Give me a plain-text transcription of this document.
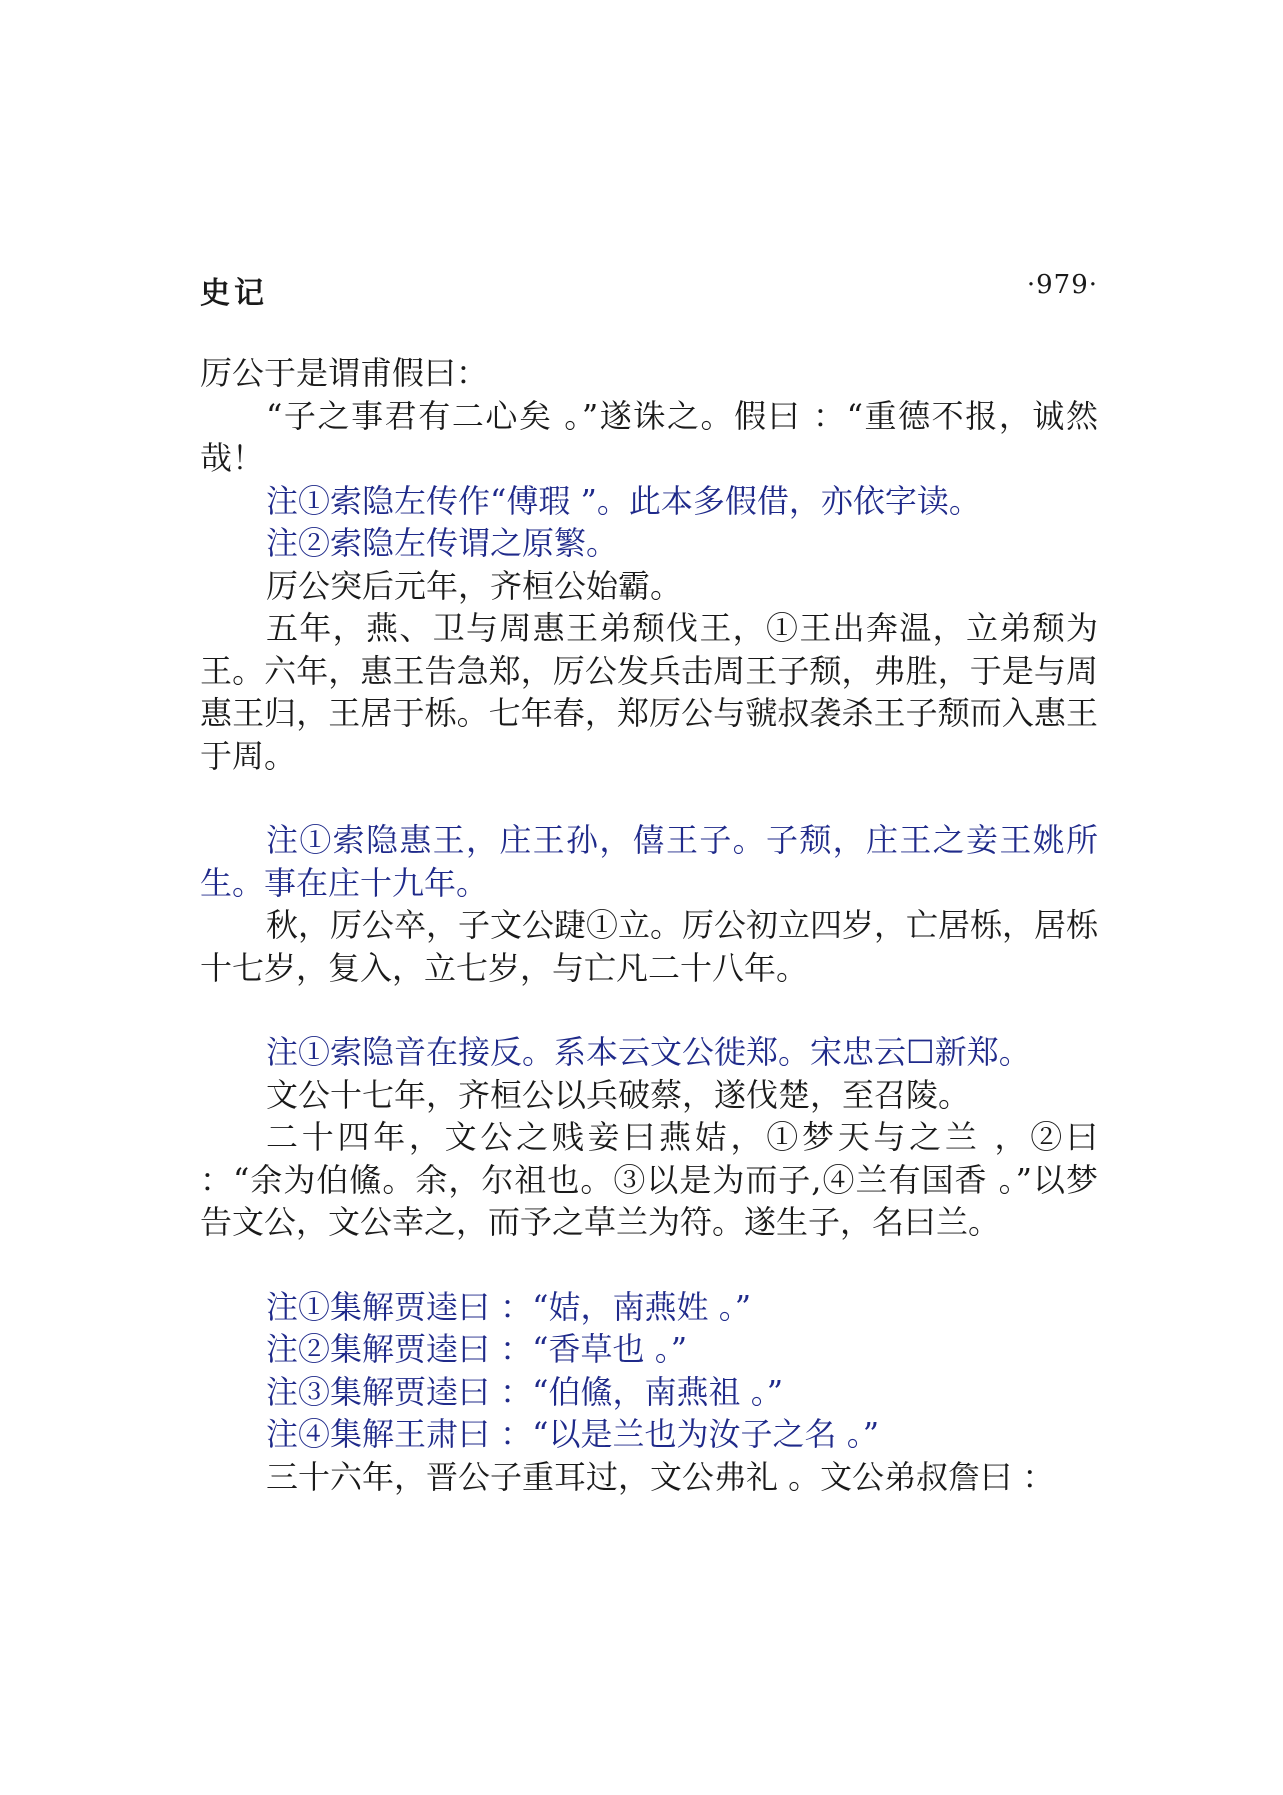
史记	·979·

厉公于是谓甫假曰：

“子之事君有二心矣 。”遂诛之。假曰 ：“重德不报，诚然哉！

注①索隐左传作“傅瑕 ”。此本多假借，亦依字读。

注②索隐左传谓之原繁。

厉公突后元年，齐桓公始霸。

五年，燕、卫与周惠王弟颓伐王，①王出奔温，立弟颓为王。六年，惠王告急郑，厉公发兵击周王子颓，弗胜，于是与周惠王归，王居于栎。七年春，郑厉公与虢叔袭杀王子颓而入惠王于周。

注①索隐惠王，庄王孙，僖王子。子颓，庄王之妾王姚所生。事在庄十九年。

秋，厉公卒，子文公踕①立。厉公初立四岁，亡居栎，居栎十七岁，复入，立七岁，与亡凡二十八年。

注①索隐音在接反。系本云文公徙郑。宋忠云☐新郑。

文公十七年，齐桓公以兵破蔡，遂伐楚，至召陵。

二十四年，文公之贱妾曰燕姞，①梦天与之兰 ，②曰 ：“余为伯鯈。余，尔祖也。③以是为而子,④兰有国香 。”以梦告文公，文公幸之，而予之草兰为符。遂生子，名曰兰。

注①集解贾逵曰 ：“姞，南燕姓 。”

注②集解贾逵曰 ：“香草也 。”

注③集解贾逵曰 ：“伯鯈，南燕祖 。”

注④集解王肃曰 ：“以是兰也为汝子之名 。”

三十六年，晋公子重耳过，文公弗礼 。文公弟叔詹曰 ：
